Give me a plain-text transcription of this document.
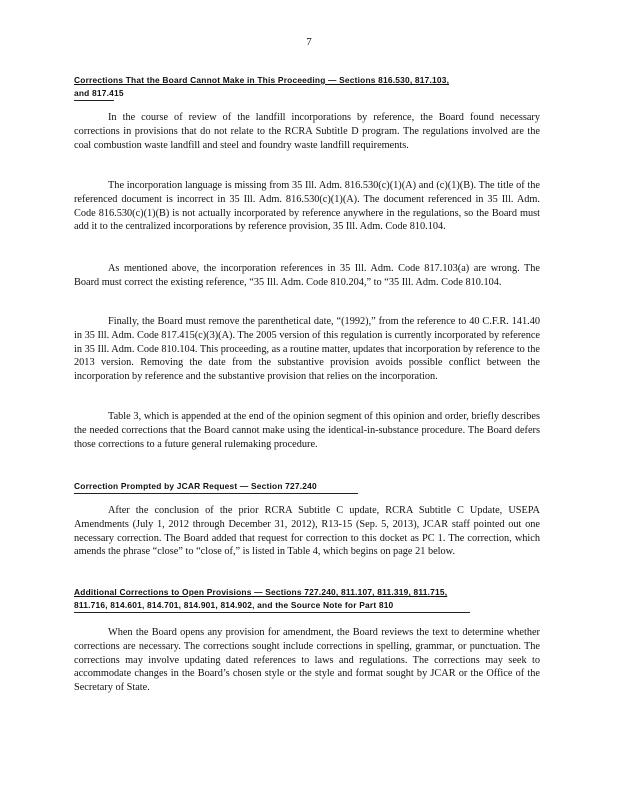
7
Corrections That the Board Cannot Make in This Proceeding — Sections 816.530, 817.103,
and 817.415

In the course of review of the landfill incorporations by reference, the Board found necessary corrections in provisions that do not relate to the RCRA Subtitle D program. The regulations involved are the coal combustion waste landfill and steel and foundry waste landfill requirements.

The incorporation language is missing from 35 Ill. Adm. 816.530(c)(1)(A) and (c)(1)(B). The title of the referenced document is incorrect in 35 Ill. Adm. 816.530(c)(1)(A). The document referenced in 35 Ill. Adm. Code 816.530(c)(1)(B) is not actually incorporated by reference anywhere in the regulations, so the Board must add it to the centralized incorporations by reference provision, 35 Ill. Adm. Code 810.104.

As mentioned above, the incorporation references in 35 Ill. Adm. Code 817.103(a) are wrong. The Board must correct the existing reference, “35 Ill. Adm. Code 810.204,” to “35 Ill. Adm. Code 810.104.

Finally, the Board must remove the parenthetical date, “(1992),” from the reference to 40 C.F.R. 141.40 in 35 Ill. Adm. Code 817.415(c)(3)(A). The 2005 version of this regulation is currently incorporated by reference in 35 Ill. Adm. Code 810.104. This proceeding, as a routine matter, updates that incorporation by reference to the 2013 version. Removing the date from the substantive provision avoids possible conflict between the incorporation by reference and the substantive provision that relies on the incorporation.

Table 3, which is appended at the end of the opinion segment of this opinion and order, briefly describes the needed corrections that the Board cannot make using the identical-in-substance procedure. The Board defers those corrections to a future general rulemaking procedure.

Correction Prompted by JCAR Request — Section 727.240

After the conclusion of the prior RCRA Subtitle C update, RCRA Subtitle C Update, USEPA Amendments (July 1, 2012 through December 31, 2012), R13-15 (Sep. 5, 2013), JCAR staff pointed out one necessary correction. The Board added that request for correction to this docket as PC 1. The correction, which amends the phrase “close” to “close of,” is listed in Table 4, which begins on page 21 below.

Additional Corrections to Open Provisions — Sections 727.240, 811.107, 811.319, 811.715,
811.716, 814.601, 814.701, 814.901, 814.902, and the Source Note for Part 810

When the Board opens any provision for amendment, the Board reviews the text to determine whether corrections are necessary. The corrections sought include corrections in spelling, grammar, or punctuation. The corrections may involve updating dated references to laws and regulations. The corrections may seek to accommodate changes in the Board’s chosen style or the style and format sought by JCAR or the Office of the Secretary of State.
